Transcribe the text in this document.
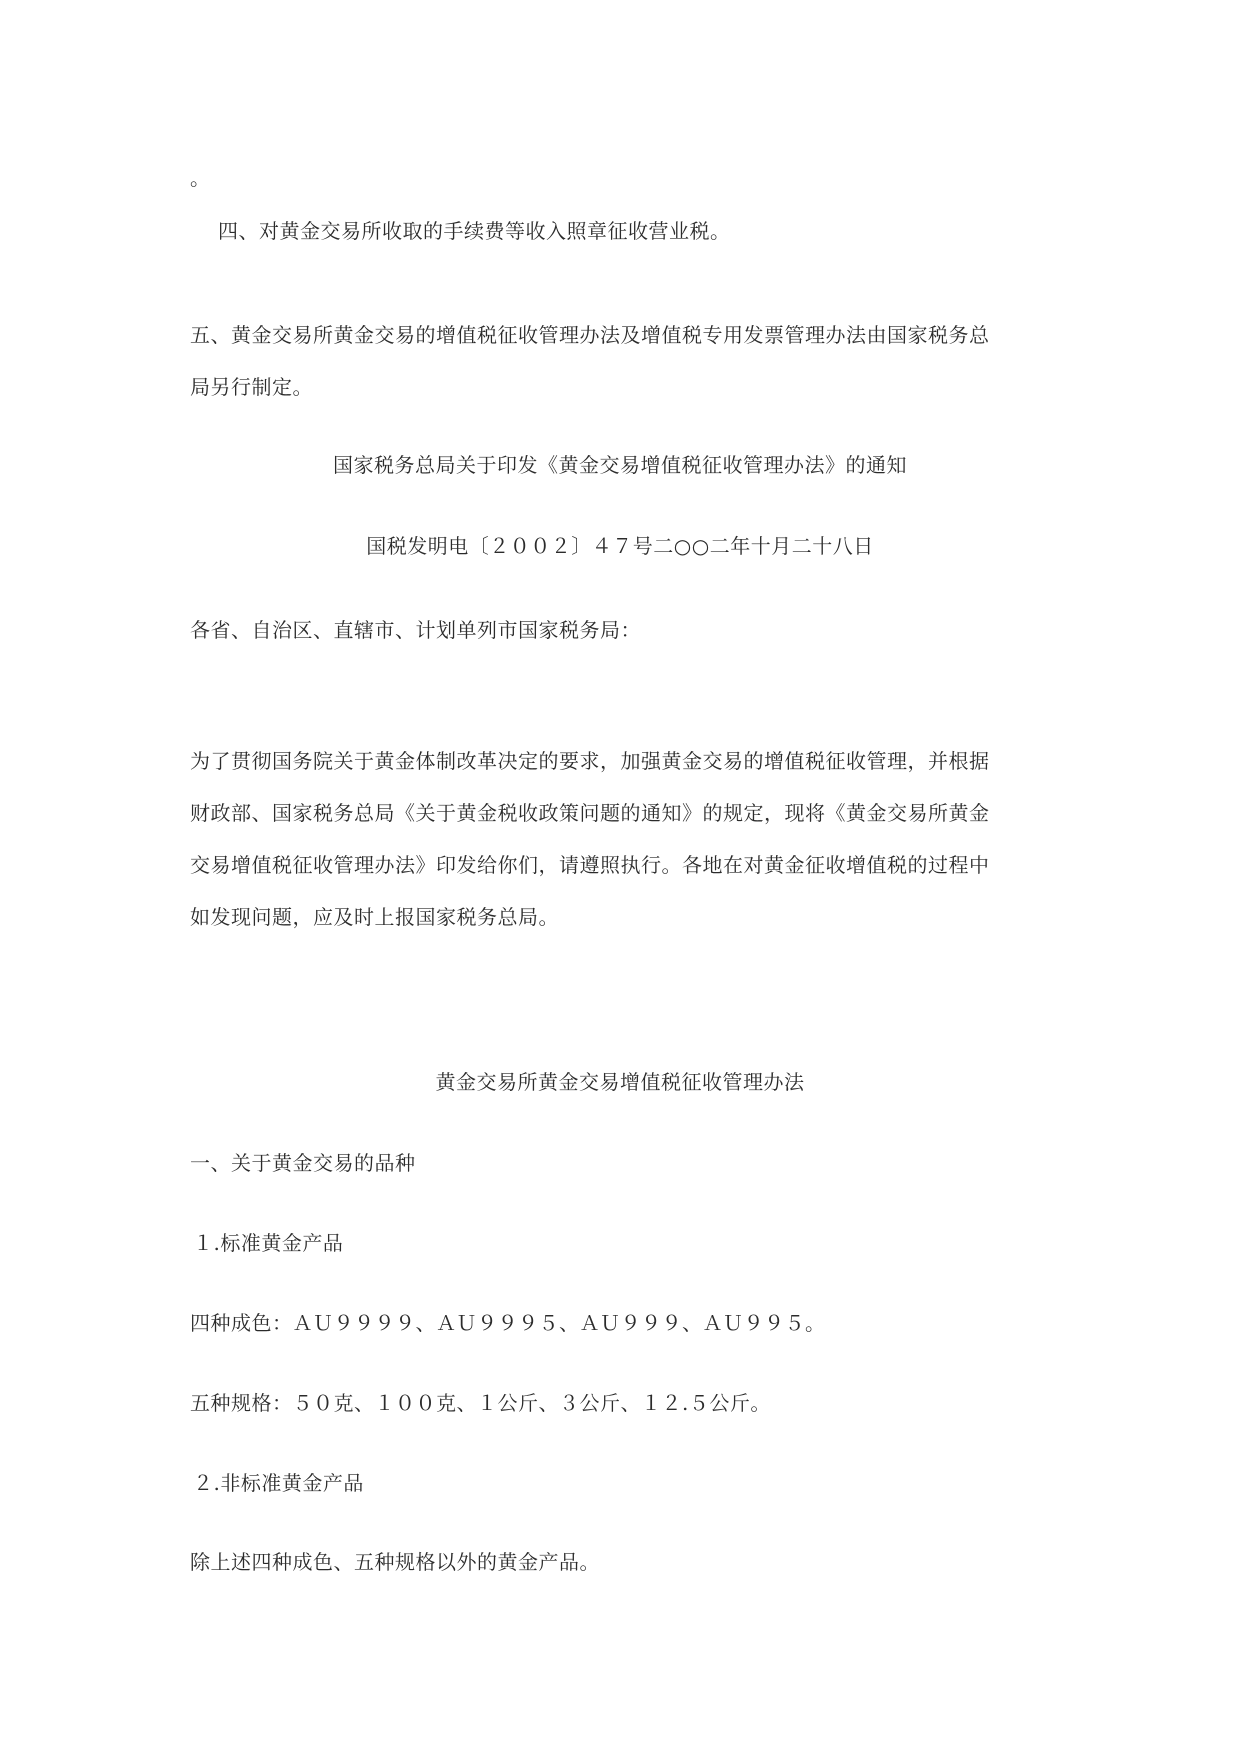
。

四、对黄金交易所收取的手续费等收入照章征收营业税。

五、黄金交易所黄金交易的增值税征收管理办法及增值税专用发票管理办法由国家税务总

局另行制定。

国家税务总局关于印发《黄金交易增值税征收管理办法》的通知

国税发明电〔２００２〕４７号二○○二年十月二十八日

各省、自治区、直辖市、计划单列市国家税务局：

为了贯彻国务院关于黄金体制改革决定的要求，加强黄金交易的增值税征收管理，并根据

财政部、国家税务总局《关于黄金税收政策问题的通知》的规定，现将《黄金交易所黄金

交易增值税征收管理办法》印发给你们，请遵照执行。各地在对黄金征收增值税的过程中

如发现问题，应及时上报国家税务总局。

黄金交易所黄金交易增值税征收管理办法

一、关于黄金交易的品种

１.标准黄金产品

四种成色：ＡＵ９９９９、ＡＵ９９９５、ＡＵ９９９、ＡＵ９９５。

五种规格：５０克、１００克、１公斤、３公斤、１２.５公斤。

２.非标准黄金产品

除上述四种成色、五种规格以外的黄金产品。
